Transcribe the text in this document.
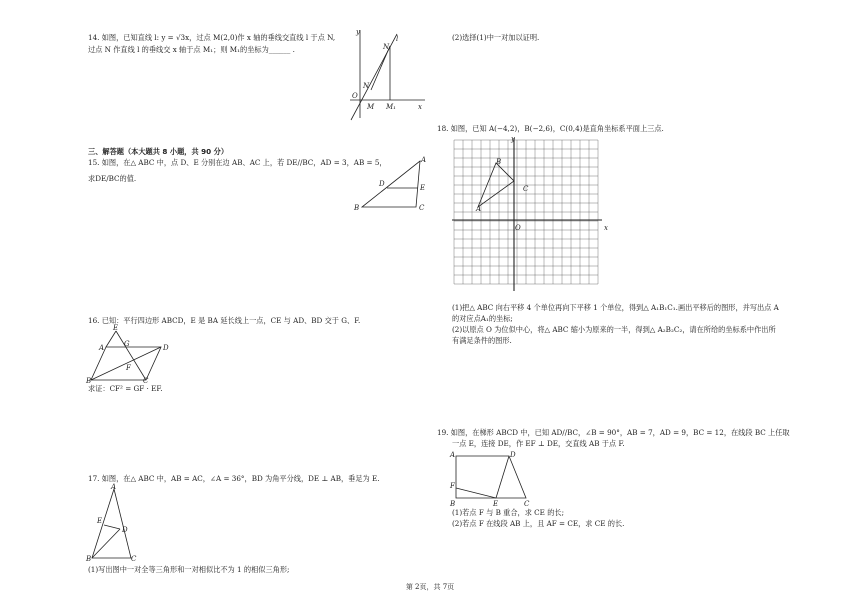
14. 如图，已知直线 l: y = √3x，过点 M(2,0)作 x 轴的垂线交直线 l 于点 N,
过点 N 作直线 l 的垂线交 x 轴于点 M₁；则 M₁的坐标为______ .
y
l
N
N
O
M M₁	x
三、解答题（本大题共 8 小题，共 90 分）
15. 如图，在△ ABC 中，点 D、E 分别在边 AB、AC 上，若 DE//BC，AD = 3，AB = 5，
求DE/BC的值.
A
D	E
B	C
16. 已知：平行四边形 ABCD，E 是 BA 延长线上一点，CE 与 AD、BD 交于 G、F.
E
A	G	D
F
B	C
求证：CF² = GF · EF.
17. 如图，在△ ABC 中，AB = AC，∠A = 36°，BD 为角平分线，DE ⊥ AB，垂足为 E.
A
E
D
B	C
(1)写出图中一对全等三角形和一对相似比不为 1 的相似三角形;
(2)选择(1)中一对加以证明.
18. 如图，已知 A(−4,2)，B(−2,6)，C(0,4)是直角坐标系平面上三点.
y
B
C
A
O	x
(1)把△ ABC 向右平移 4 个单位再向下平移 1 个单位，得到△ A₁B₁C₁.画出平移后的图形，并写出点 A
的对应点A₁的坐标;
(2)以原点 O 为位似中心，将△ ABC 缩小为原来的一半，得到△ A₂B₂C₂，请在所给的坐标系中作出所
有满足条件的图形.
19. 如图，在梯形 ABCD 中，已知 AD//BC，∠B = 90°，AB = 7，AD = 9，BC = 12，在线段 BC 上任取
一点 E，连接 DE，作 EF ⊥ DE，交直线 AB 于点 F.
A	D
F
B	E	C
(1)若点 F 与 B 重合，求 CE 的长;
(2)若点 F 在线段 AB 上，且 AF = CE，求 CE 的长.
第 2页，共 7页
